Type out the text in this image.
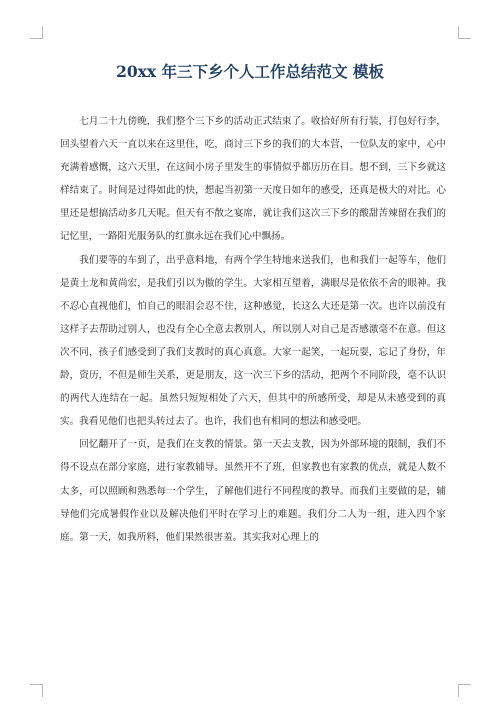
20xx 年三下乡个人工作总结范文 模板

七月二十九傍晚，我们整个三下乡的活动正式结束了。收拾好所有行装，打包好行李，回头望着六天一直以来在这里住，吃，商讨三下乡的我们的大本营，一位队友的家中，心中充满着感慨，这六天里，在这间小房子里发生的事情似乎都历历在目。想不到，三下乡就这样结束了。时间是过得如此的快，想起当初第一天度日如年的感受，还真是极大的对比。心里还是想搞活动多几天呢。但天有不散之宴席，就让我们这次三下乡的酸甜苦辣留在我们的记忆里，一路阳光服务队的红旗永远在我们心中飘扬。

我们要等的车到了，出乎意料地，有两个学生特地来送我们，也和我们一起等车，他们是黄土龙和黄尚宏，是我们引以为傲的学生。大家相互望着，满眼尽是依依不舍的眼神。我不忍心直视他们，怕自己的眼泪会忍不住，这种感觉，长这么大还是第一次。也许以前没有这样子去帮助过别人，也没有全心全意去教别人，所以别人对自己是否感激毫不在意。但这次不同，孩子们感受到了我们支教时的真心真意。大家一起笑，一起玩耍，忘记了身份，年龄，资历，不但是师生关系，更是朋友，这一次三下乡的活动，把两个不同阶段，毫不认识的两代人连结在一起。虽然只短短相处了六天，但其中的所感所受，却是从未感受到的真实。我看见他们也把头转过去了。也许，我们也有相同的想法和感受吧。

回忆翻开了一页，是我们在支教的情景。第一天去支教，因为外部环境的限制，我们不得不设点在部分家庭，进行家教辅导。虽然开不了班，但家教也有家教的优点，就是人数不太多，可以照顾和熟悉每一个学生，了解他们进行不同程度的教导。而我们主要做的是，辅导他们完成暑假作业以及解决他们平时在学习上的难题。我们分二人为一组，进入四个家庭。第一天，如我所料，他们果然很害羞。其实我对心理上的
